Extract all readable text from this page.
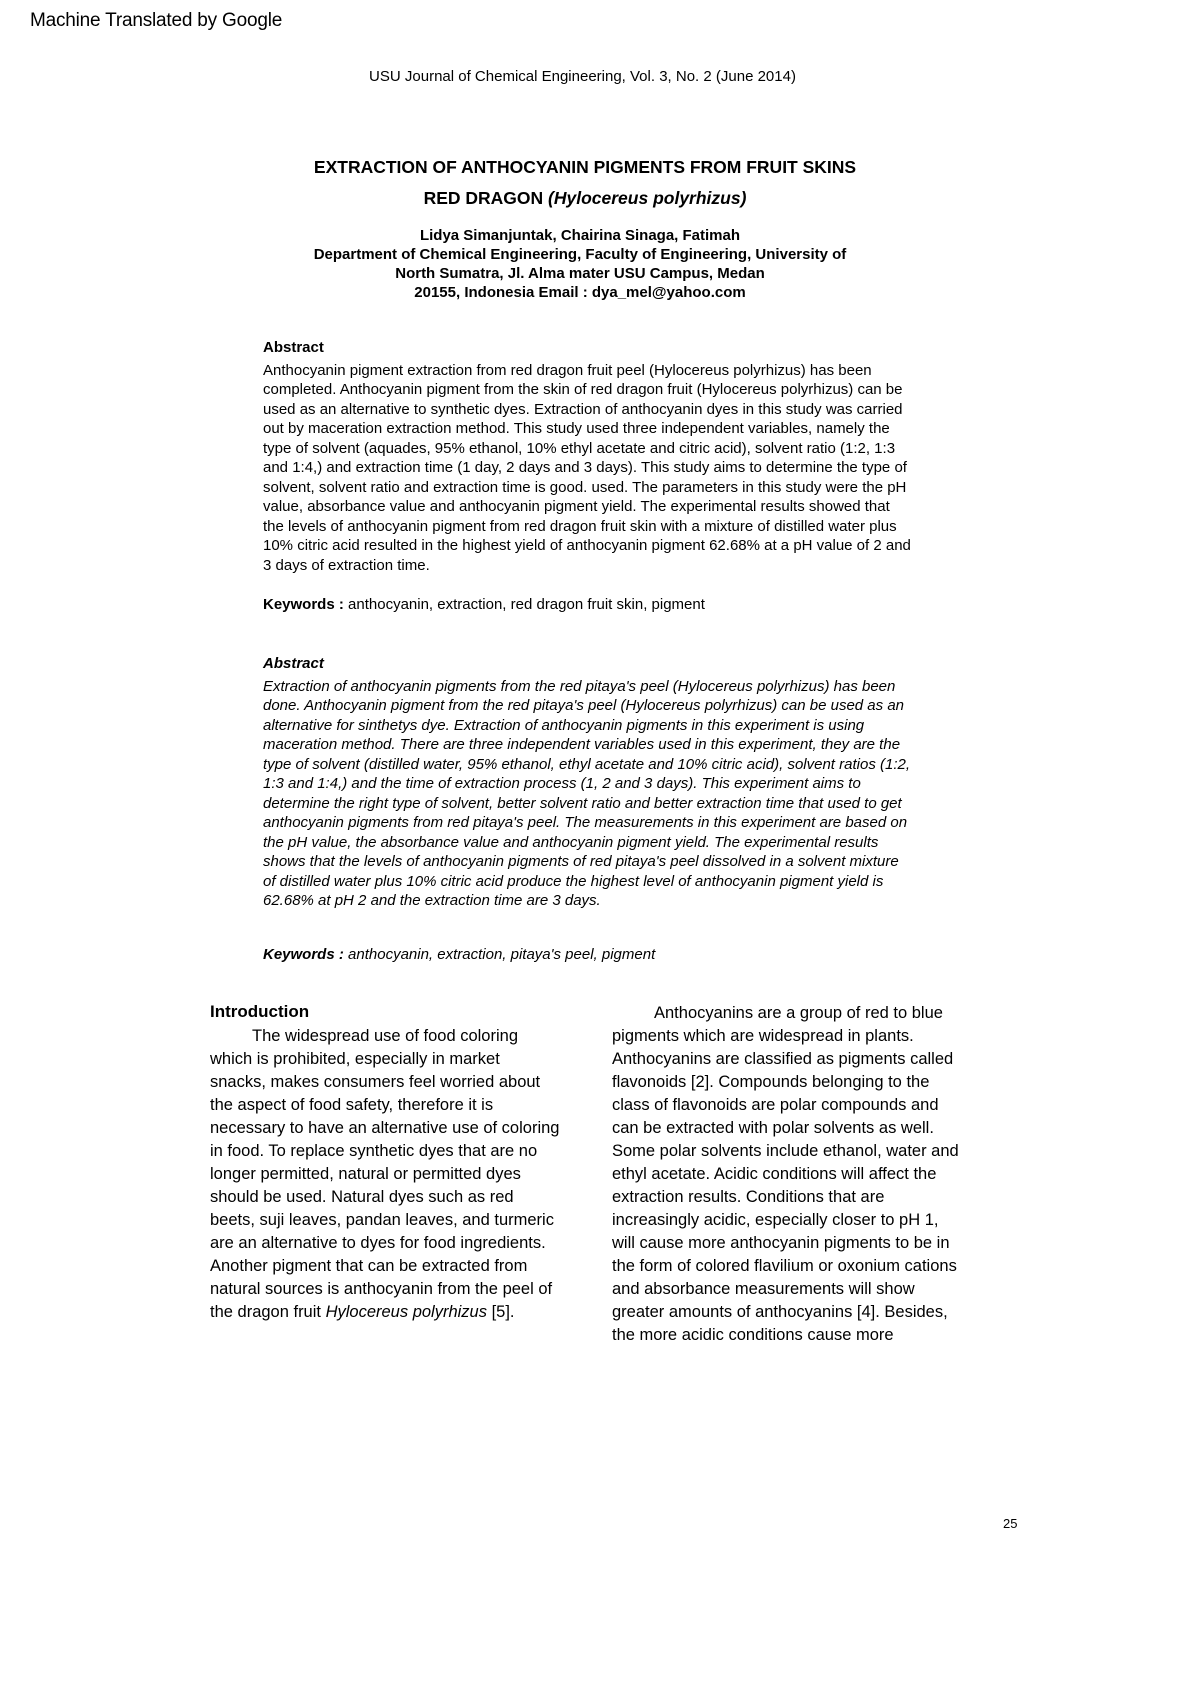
Machine Translated by Google
USU Journal of Chemical Engineering, Vol. 3, No. 2 (June 2014)
EXTRACTION OF ANTHOCYANIN PIGMENTS FROM FRUIT SKINS
RED DRAGON (Hylocereus polyrhizus)
Lidya Simanjuntak, Chairina Sinaga, Fatimah
Department of Chemical Engineering, Faculty of Engineering, University of
North Sumatra, Jl. Alma mater USU Campus, Medan
20155, Indonesia Email : dya_mel@yahoo.com
Abstract
Anthocyanin pigment extraction from red dragon fruit peel (Hylocereus polyrhizus) has been completed. Anthocyanin pigment from the skin of red dragon fruit (Hylocereus polyrhizus) can be used as an alternative to synthetic dyes. Extraction of anthocyanin dyes in this study was carried out by maceration extraction method. This study used three independent variables, namely the type of solvent (aquades, 95% ethanol, 10% ethyl acetate and citric acid), solvent ratio (1:2, 1:3 and 1:4,) and extraction time (1 day, 2 days and 3 days). This study aims to determine the type of solvent, solvent ratio and extraction time is good. used. The parameters in this study were the pH value, absorbance value and anthocyanin pigment yield. The experimental results showed that the levels of anthocyanin pigment from red dragon fruit skin with a mixture of distilled water plus 10% citric acid resulted in the highest yield of anthocyanin pigment 62.68% at a pH value of 2 and 3 days of extraction time.
Keywords : anthocyanin, extraction, red dragon fruit skin, pigment
Abstract
Extraction of anthocyanin pigments from the red pitaya's peel (Hylocereus polyrhizus) has been done. Anthocyanin pigment from the red pitaya's peel (Hylocereus polyrhizus) can be used as an alternative for sinthetys dye. Extraction of anthocyanin pigments in this experiment is using maceration method. There are three independent variables used in this experiment, they are the type of solvent (distilled water, 95% ethanol, ethyl acetate and 10% citric acid), solvent ratios (1:2, 1:3 and 1:4,) and the time of extraction process (1, 2 and 3 days). This experiment aims to determine the right type of solvent, better solvent ratio and better extraction time that used to get anthocyanin pigments from red pitaya's peel. The measurements in this experiment are based on the pH value, the absorbance value and anthocyanin pigment yield. The experimental results shows that the levels of anthocyanin pigments of red pitaya's peel dissolved in a solvent mixture of distilled water plus 10% citric acid produce the highest level of anthocyanin pigment yield is 62.68% at pH 2 and the extraction time are 3 days.
Keywords : anthocyanin, extraction, pitaya's peel, pigment
Introduction

The widespread use of food coloring which is prohibited, especially in market snacks, makes consumers feel worried about the aspect of food safety, therefore it is necessary to have an alternative use of coloring in food. To replace synthetic dyes that are no longer permitted, natural or permitted dyes should be used. Natural dyes such as red beets, suji leaves, pandan leaves, and turmeric are an alternative to dyes for food ingredients. Another pigment that can be extracted from natural sources is anthocyanin from the peel of the dragon fruit Hylocereus polyrhizus [5].

Anthocyanins are a group of red to blue pigments which are widespread in plants. Anthocyanins are classified as pigments called flavonoids [2]. Compounds belonging to the class of flavonoids are polar compounds and can be extracted with polar solvents as well. Some polar solvents include ethanol, water and ethyl acetate. Acidic conditions will affect the extraction results. Conditions that are increasingly acidic, especially closer to pH 1, will cause more anthocyanin pigments to be in the form of colored flavilium or oxonium cations and absorbance measurements will show greater amounts of anthocyanins [4]. Besides, the more acidic conditions cause more

25
